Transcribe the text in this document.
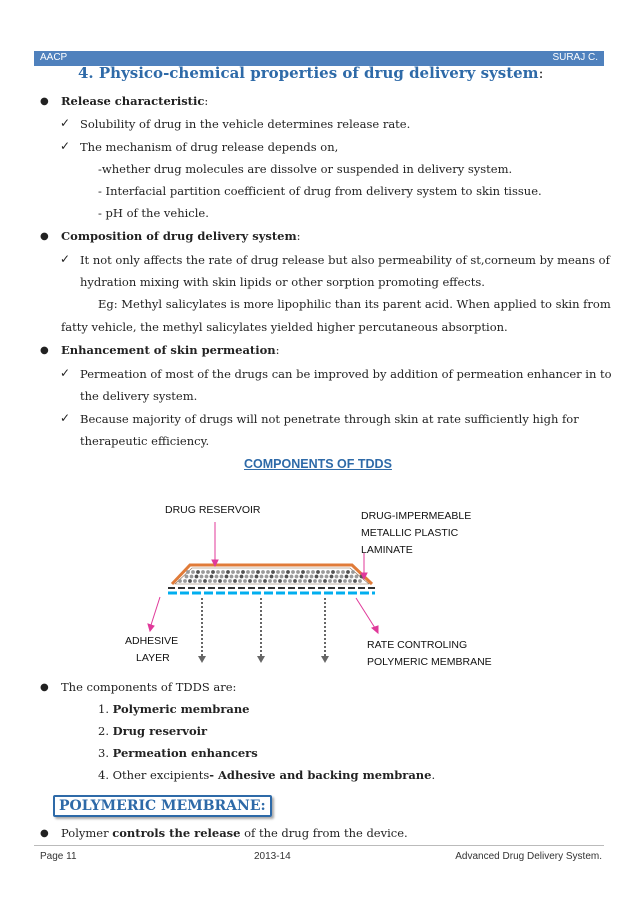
AACP	SURAJ C.
4. Physico-chemical properties of drug delivery system:
● Release characteristic:
✓ Solubility of drug in the vehicle determines release rate.
✓ The mechanism of drug release depends on,
-whether drug molecules are dissolve or suspended in delivery system.
- Interfacial partition coefficient of drug from delivery system to skin tissue.
- pH of the vehicle.
● Composition of drug delivery system:
✓ It not only affects the rate of drug release but also permeability of st,corneum by means of
hydration mixing with skin lipids or other sorption promoting effects.
Eg: Methyl salicylates is more lipophilic than its parent acid. When applied to skin from
fatty vehicle, the methyl salicylates yielded higher percutaneous absorption.
● Enhancement of skin permeation:
✓ Permeation of most of the drugs can be improved by addition of permeation enhancer in to
the delivery system.
✓ Because majority of drugs will not penetrate through skin at rate sufficiently high for
therapeutic efficiency.
COMPONENTS OF TDDS
DRUG RESERVOIR	DRUG-IMPERMEABLE
METALLIC PLASTIC
LAMINATE
ADHESIVE
LAYER
RATE CONTROLING
POLYMERIC MEMBRANE
● The components of TDDS are:
1. Polymeric membrane
2. Drug reservoir
3. Permeation enhancers
4. Other excipients- Adhesive and backing membrane.
POLYMERIC MEMBRANE:
● Polymer controls the release of the drug from the device.
Page 11	2013-14	Advanced Drug Delivery System.
